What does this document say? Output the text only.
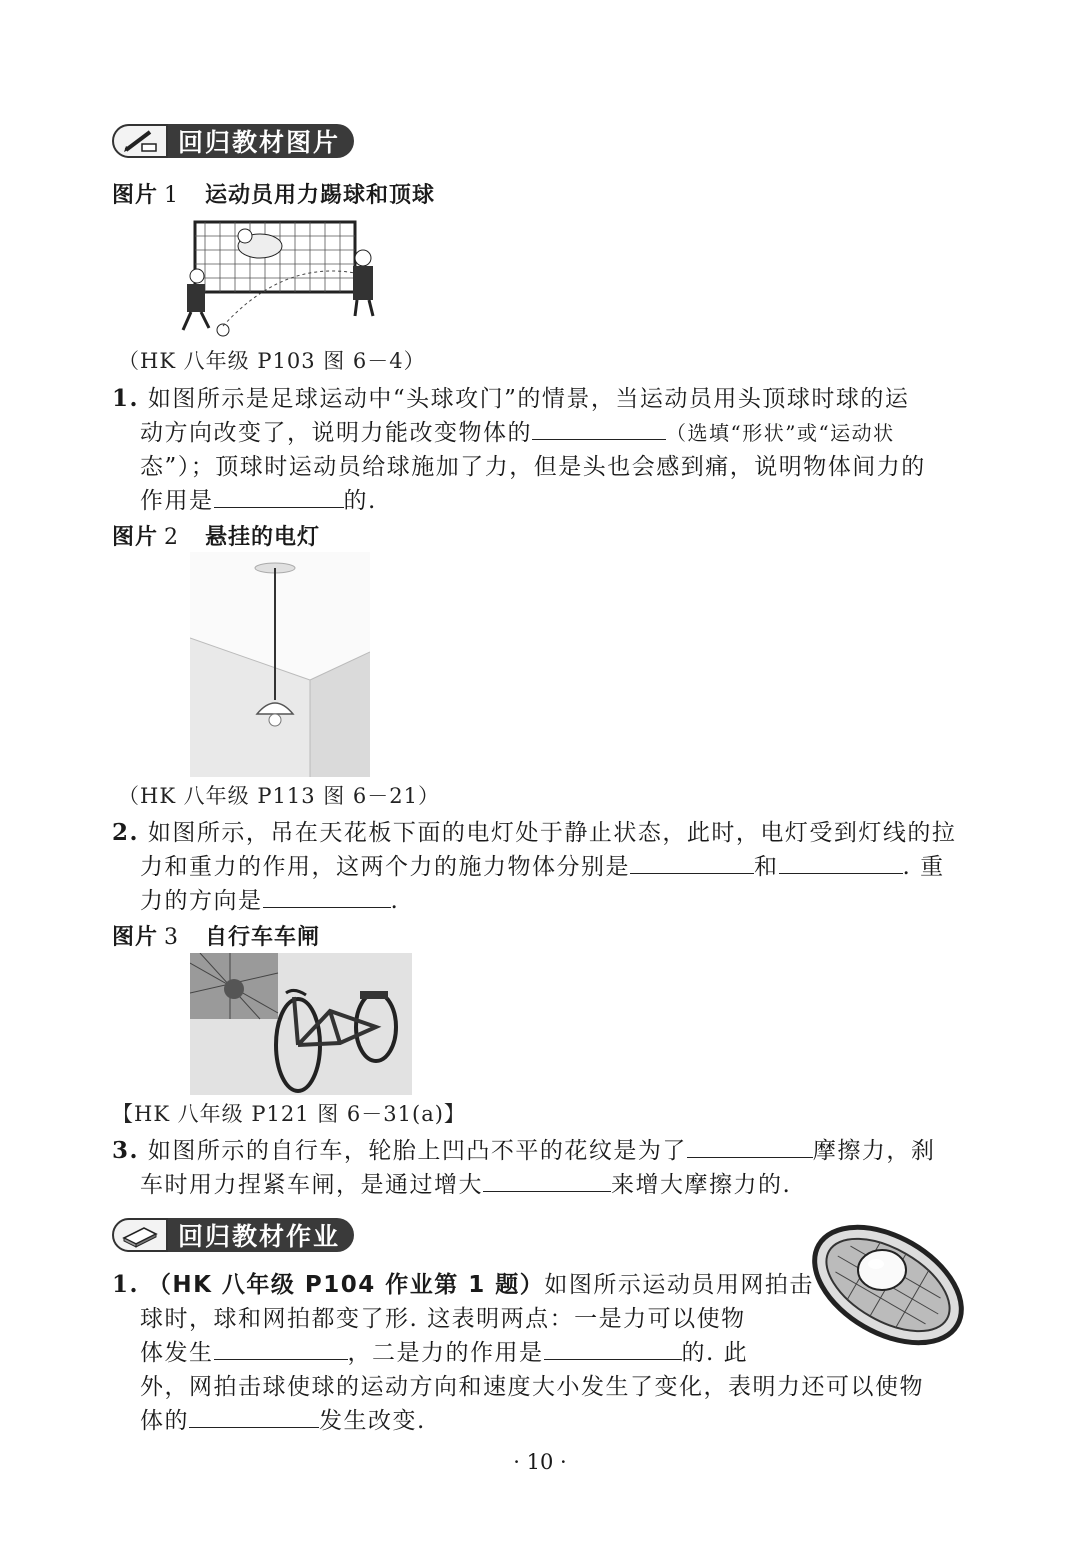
回归教材图片
图片 1 运动员用力踢球和顶球
（HK 八年级 P103 图 6－4）
1. 如图所示是足球运动中“头球攻门”的情景，当运动员用头顶球时球的运
动方向改变了，说明力能改变物体的	（选填“形状”或“运动状
态”）；顶球时运动员给球施加了力，但是头也会感到痛，说明物体间力的
作用是	的.
图片 2 悬挂的电灯
（HK 八年级 P113 图 6－21）
2. 如图所示，吊在天花板下面的电灯处于静止状态，此时，电灯受到灯线的拉
力和重力的作用，这两个力的施力物体分别是	和	. 重
力的方向是	.
图片 3 自行车车闸
【HK 八年级 P121 图 6－31(a)】
3. 如图所示的自行车，轮胎上凹凸不平的花纹是为了	摩擦力，刹
车时用力捏紧车闸，是通过增大	来增大摩擦力的.
回归教材作业
1. （HK 八年级 P104 作业第 1 题）如图所示运动员用网拍击
球时，球和网拍都变了形. 这表明两点：一是力可以使物
体发生	，二是力的作用是	的. 此
外，网拍击球使球的运动方向和速度大小发生了变化，表明力还可以使物
体的	发生改变.
· 10 ·
